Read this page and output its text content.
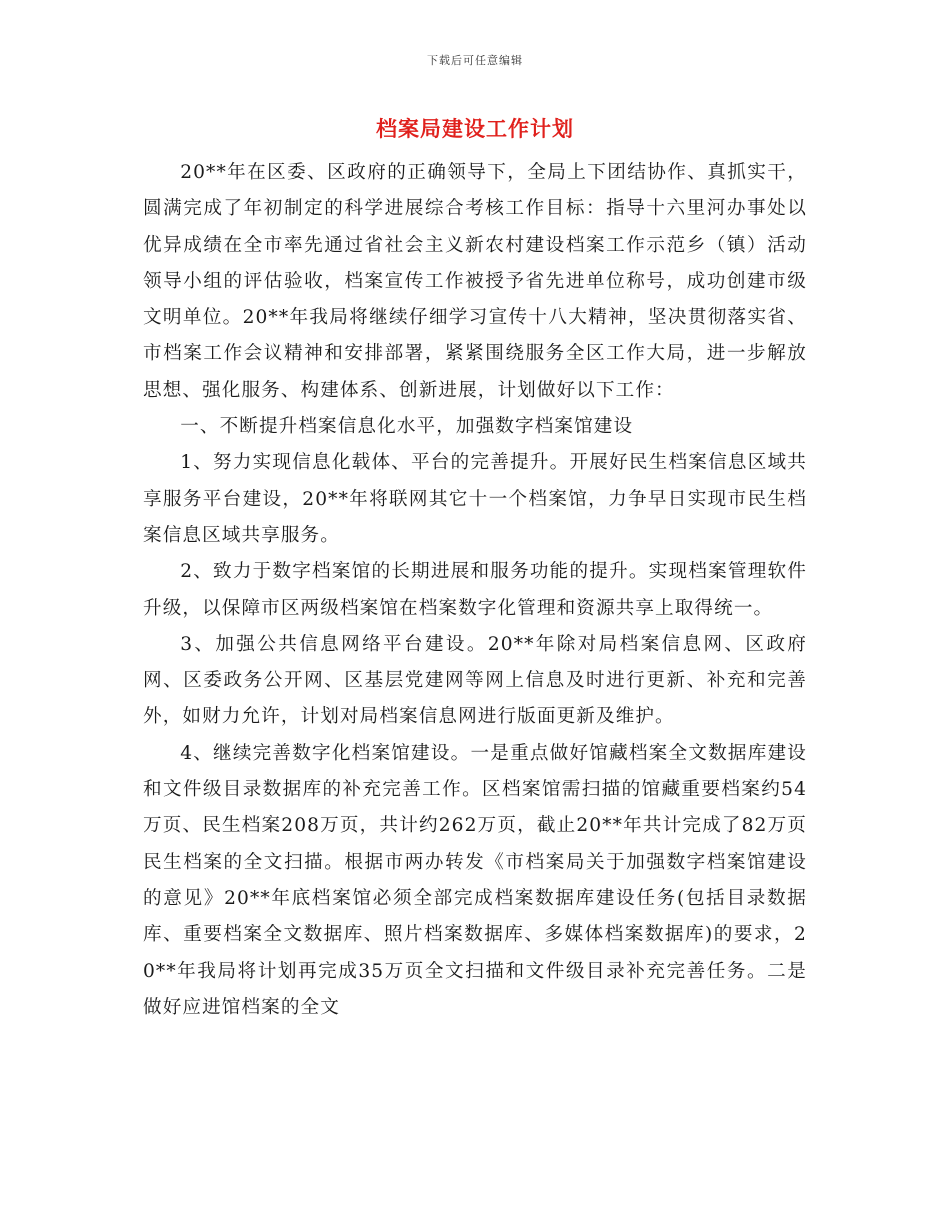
下载后可任意编辑
档案局建设工作计划

20**年在区委、区政府的正确领导下，全局上下团结协作、真抓实干，圆满完成了年初制定的科学进展综合考核工作目标：指导十六里河办事处以优异成绩在全市率先通过省社会主义新农村建设档案工作示范乡（镇）活动领导小组的评估验收，档案宣传工作被授予省先进单位称号，成功创建市级文明单位。20**年我局将继续仔细学习宣传十八大精神，坚决贯彻落实省、市档案工作会议精神和安排部署，紧紧围绕服务全区工作大局，进一步解放思想、强化服务、构建体系、创新进展，计划做好以下工作：

一、不断提升档案信息化水平，加强数字档案馆建设

1、努力实现信息化载体、平台的完善提升。开展好民生档案信息区域共享服务平台建设，20**年将联网其它十一个档案馆，力争早日实现市民生档案信息区域共享服务。

2、致力于数字档案馆的长期进展和服务功能的提升。实现档案管理软件升级，以保障市区两级档案馆在档案数字化管理和资源共享上取得统一。

3、加强公共信息网络平台建设。20**年除对局档案信息网、区政府网、区委政务公开网、区基层党建网等网上信息及时进行更新、补充和完善外，如财力允许，计划对局档案信息网进行版面更新及维护。

4、继续完善数字化档案馆建设。一是重点做好馆藏档案全文数据库建设和文件级目录数据库的补充完善工作。区档案馆需扫描的馆藏重要档案约54万页、民生档案208万页，共计约262万页，截止20**年共计完成了82万页民生档案的全文扫描。根据市两办转发《市档案局关于加强数字档案馆建设的意见》20**年底档案馆必须全部完成档案数据库建设任务(包括目录数据库、重要档案全文数据库、照片档案数据库、多媒体档案数据库)的要求，20**年我局将计划再完成35万页全文扫描和文件级目录补充完善任务。二是做好应进馆档案的全文
